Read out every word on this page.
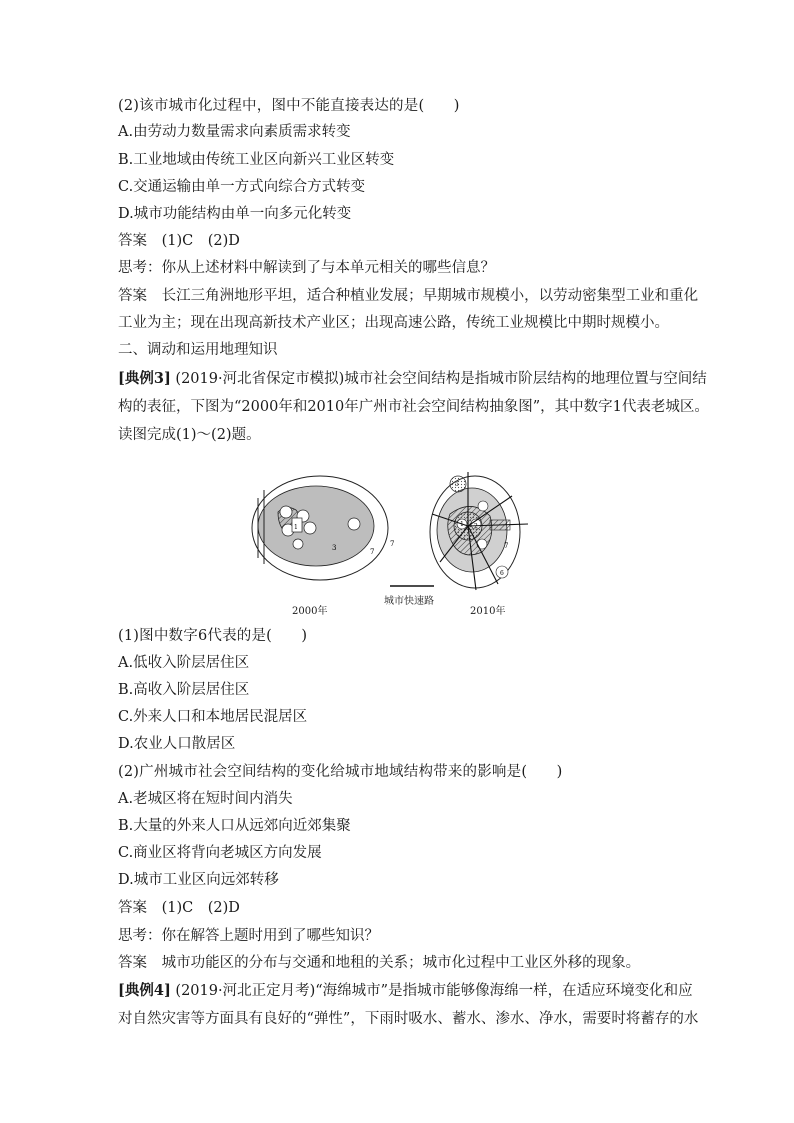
(2)该市城市化过程中，图中不能直接表达的是(　　)
A.由劳动力数量需求向素质需求转变
B.工业地域由传统工业区向新兴工业区转变
C.交通运输由单一方式向综合方式转变
D.城市功能结构由单一向多元化转变
答案 (1)C　(2)D
思考：你从上述材料中解读到了与本单元相关的哪些信息？
答案 长江三角洲地形平坦，适合种植业发展；早期城市规模小，以劳动密集型工业和重化
工业为主；现在出现高新技术产业区；出现高速公路，传统工业规模比中期时规模小。
二、调动和运用地理知识
[典例3] (2019·河北省保定市模拟)城市社会空间结构是指城市阶层结构的地理位置与空间结
构的表征，下图为“2000年和2010年广州市社会空间结构抽象图”，其中数字1代表老城区。
读图完成(1)～(2)题。
7
7
3
1	1 2
7
6
5
2000年
城市快速路
2010年
(1)图中数字6代表的是(　　)
A.低收入阶层居住区
B.高收入阶层居住区
C.外来人口和本地居民混居区
D.农业人口散居区
(2)广州城市社会空间结构的变化给城市地域结构带来的影响是(　　)
A.老城区将在短时间内消失
B.大量的外来人口从远郊向近郊集聚
C.商业区将背向老城区方向发展
D.城市工业区向远郊转移
答案 (1)C　(2)D
思考：你在解答上题时用到了哪些知识？
答案 城市功能区的分布与交通和地租的关系；城市化过程中工业区外移的现象。
[典例4] (2019·河北正定月考)“海绵城市”是指城市能够像海绵一样，在适应环境变化和应
对自然灾害等方面具有良好的“弹性”，下雨时吸水、蓄水、渗水、净水，需要时将蓄存的水
